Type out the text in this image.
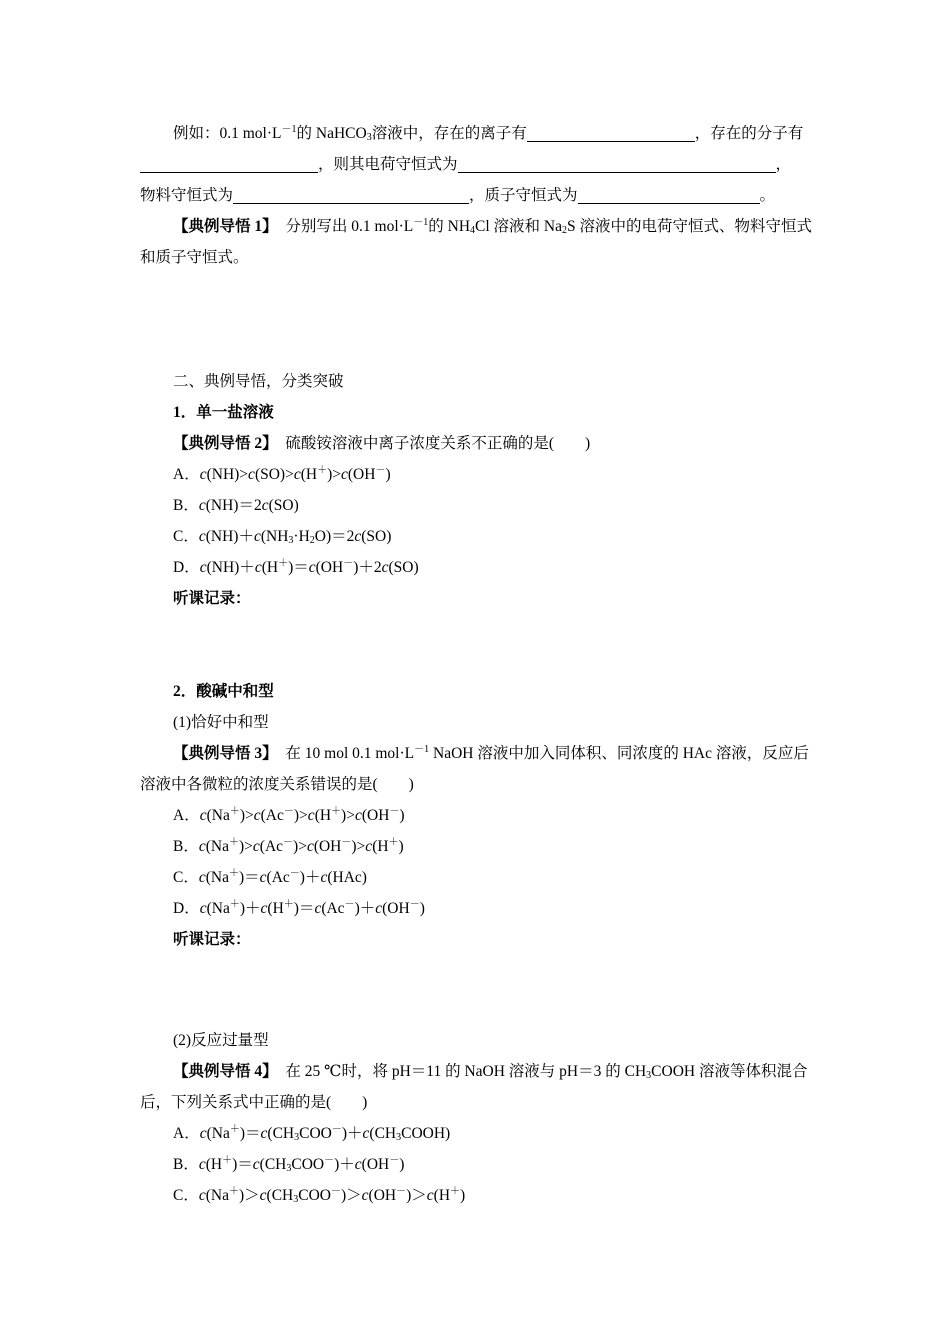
例如：0.1 $mol\cdot L^{-1}$的 NaHCO$_3$溶液中，存在的离子有	，存在的分子有，则其电荷守恒式为	，
物料守恒式为	，质子守恒式为	。

【典例导悟 1】 分别写出 0.1 $mol\cdot L^{-1}$的 $NH_4Cl$ 溶液和 $Na_2S$ 溶液中的电荷守恒式、物料守恒式和质子守恒式。

二、典例导悟，分类突破

1．单一盐溶液

【典例导悟 2】 硫酸铵溶液中离子浓度关系不正确的是(　　)

A．c(NH)>c(SO)>c(H＋)>c(OH－)

B．c(NH)＝2c(SO)

C．$c(NH)+c(NH_3\cdot H_2O)=2c(SO)$

D．c(NH)＋c(H＋)＝c(OH－)＋2c(SO)

听课记录：

2．酸碱中和型

(1)恰好中和型

【典例导悟 3】 在 10 mol 0.1 $mol\cdot L^{-1}$ NaOH 溶液中加入同体积、同浓度的 HAc 溶液，反应后溶液中各微粒的浓度关系错误的是(　　)

A．c(Na＋)>c(Ac－)>c(H＋)>c(OH－)

B．c(Na＋)>c(Ac－)>c(OH－)>c(H＋)

C．c(Na＋)＝c(Ac－)＋c(HAc)

D．c(Na＋)＋c(H＋)＝c(Ac－)＋c(OH－)

听课记录：

(2)反应过量型

【典例导悟 4】 在 25 ℃时，将 pH＝11 的 NaOH 溶液与 pH＝3 的 $CH_3COOH$ 溶液等体积混合后，下列关系式中正确的是(　　)

A．$c(Na^+)=c(CH_3COO^-)+c(CH_3COOH)$

B．$c(H^+)=c(CH_3COO^-)+c(OH^-)$

C．$c(Na^+)>c(CH_3COO^-)>c(OH^-)>c(H^+)$
